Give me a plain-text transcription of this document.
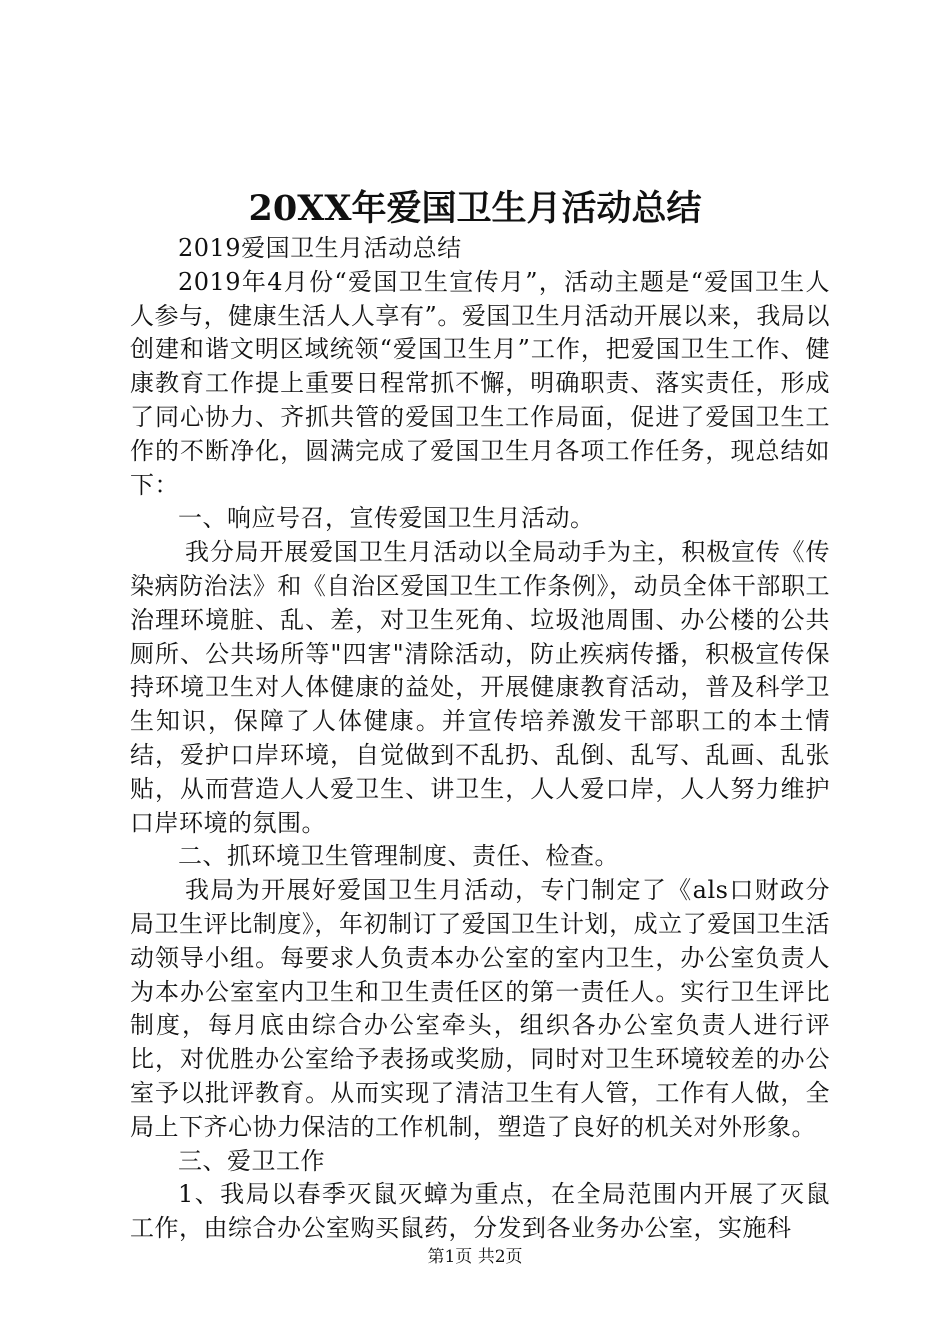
20XX年爱国卫生月活动总结

2019爱国卫生月活动总结

2019年4月份“爱国卫生宣传月”，活动主题是“爱国卫生人人参与，健康生活人人享有”。爱国卫生月活动开展以来，我局以创建和谐文明区域统领“爱国卫生月”工作，把爱国卫生工作、健康教育工作提上重要日程常抓不懈，明确职责、落实责任，形成了同心协力、齐抓共管的爱国卫生工作局面，促进了爱国卫生工作的不断净化，圆满完成了爱国卫生月各项工作任务，现总结如下：

一、响应号召，宣传爱国卫生月活动。

我分局开展爱国卫生月活动以全局动手为主，积极宣传《传染病防治法》和《自治区爱国卫生工作条例》，动员全体干部职工治理环境脏、乱、差，对卫生死角、垃圾池周围、办公楼的公共厕所、公共场所等"四害"清除活动，防止疾病传播，积极宣传保持环境卫生对人体健康的益处，开展健康教育活动，普及科学卫生知识，保障了人体健康。并宣传培养激发干部职工的本土情结，爱护口岸环境，自觉做到不乱扔、乱倒、乱写、乱画、乱张贴，从而营造人人爱卫生、讲卫生，人人爱口岸，人人努力维护口岸环境的氛围。

二、抓环境卫生管理制度、责任、检查。

我局为开展好爱国卫生月活动，专门制定了《als口财政分局卫生评比制度》，年初制订了爱国卫生计划，成立了爱国卫生活动领导小组。每要求人负责本办公室的室内卫生，办公室负责人为本办公室室内卫生和卫生责任区的第一责任人。实行卫生评比制度，每月底由综合办公室牵头，组织各办公室负责人进行评比，对优胜办公室给予表扬或奖励，同时对卫生环境较差的办公室予以批评教育。从而实现了清洁卫生有人管，工作有人做，全局上下齐心协力保洁的工作机制，塑造了良好的机关对外形象。

三、爱卫工作

1、我局以春季灭鼠灭蟑为重点，在全局范围内开展了灭鼠工作，由综合办公室购买鼠药，分发到各业务办公室，实施科

第1页 共2页
